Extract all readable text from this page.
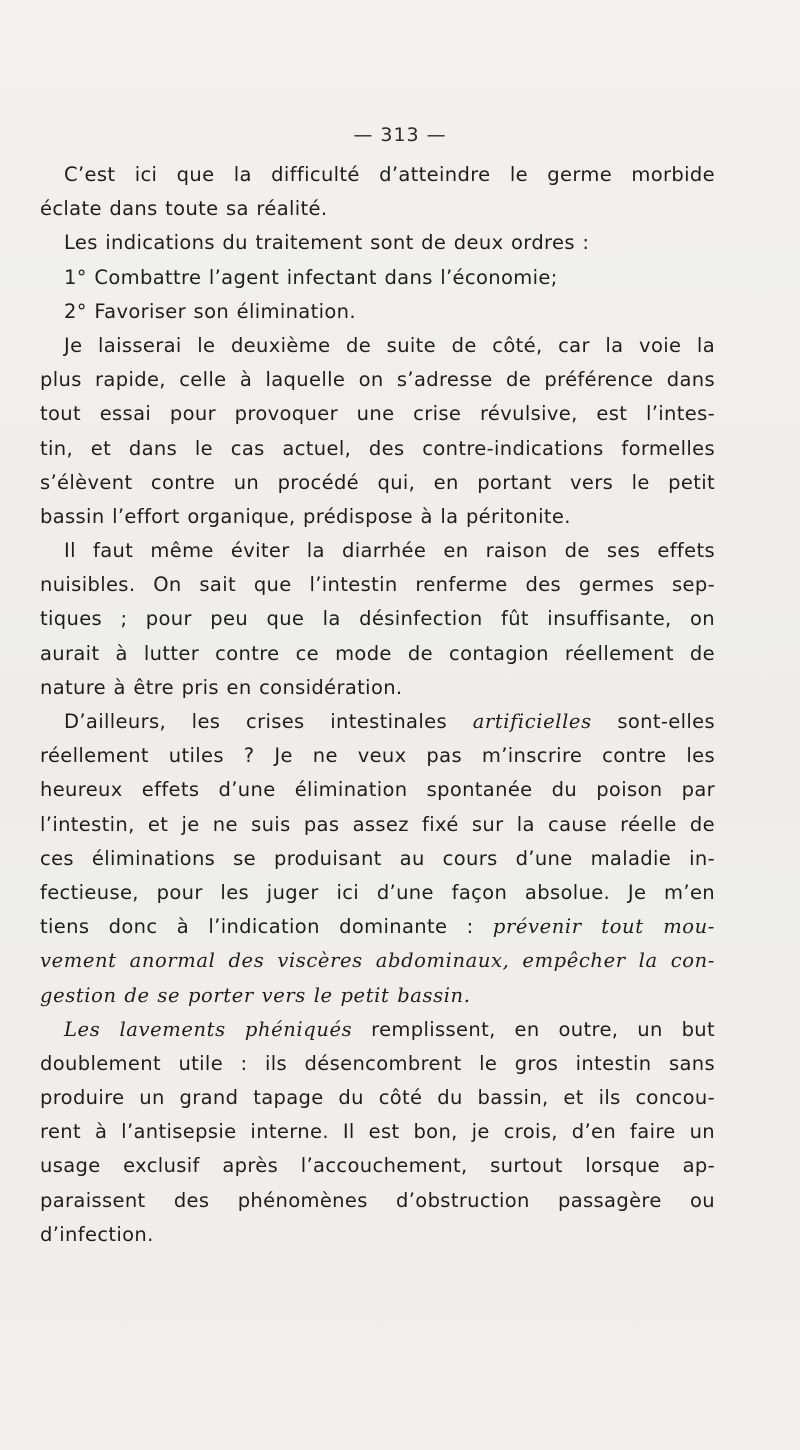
— 313 —
C’est ici que la difficulté d’atteindre le germe morbide
éclate dans toute sa réalité.
Les indications du traitement sont de deux ordres :
1° Combattre l’agent infectant dans l’économie;
2° Favoriser son élimination.
Je laisserai le deuxième de suite de côté, car la voie la
plus rapide, celle à laquelle on s’adresse de préférence dans
tout essai pour provoquer une crise révulsive, est l’intes-
tin, et dans le cas actuel, des contre-indications formelles
s’élèvent contre un procédé qui, en portant vers le petit
bassin l’effort organique, prédispose à la péritonite.
Il faut même éviter la diarrhée en raison de ses effets
nuisibles. On sait que l’intestin renferme des germes sep-
tiques ; pour peu que la désinfection fût insuffisante, on
aurait à lutter contre ce mode de contagion réellement de
nature à être pris en considération.
D’ailleurs, les crises intestinales artificielles sont-elles
réellement utiles ? Je ne veux pas m’inscrire contre les
heureux effets d’une élimination spontanée du poison par
l’intestin, et je ne suis pas assez fixé sur la cause réelle de
ces éliminations se produisant au cours d’une maladie in-
fectieuse, pour les juger ici d’une façon absolue. Je m’en
tiens donc à l’indication dominante : prévenir tout mou-
vement anormal des viscères abdominaux, empêcher la con-
gestion de se porter vers le petit bassin.
Les lavements phéniqués remplissent, en outre, un but
doublement utile : ils désencombrent le gros intestin sans
produire un grand tapage du côté du bassin, et ils concou-
rent à l’antisepsie interne. Il est bon, je crois, d’en faire un
usage exclusif après l’accouchement, surtout lorsque ap-
paraissent des phénomènes d’obstruction passagère ou
d’infection.
